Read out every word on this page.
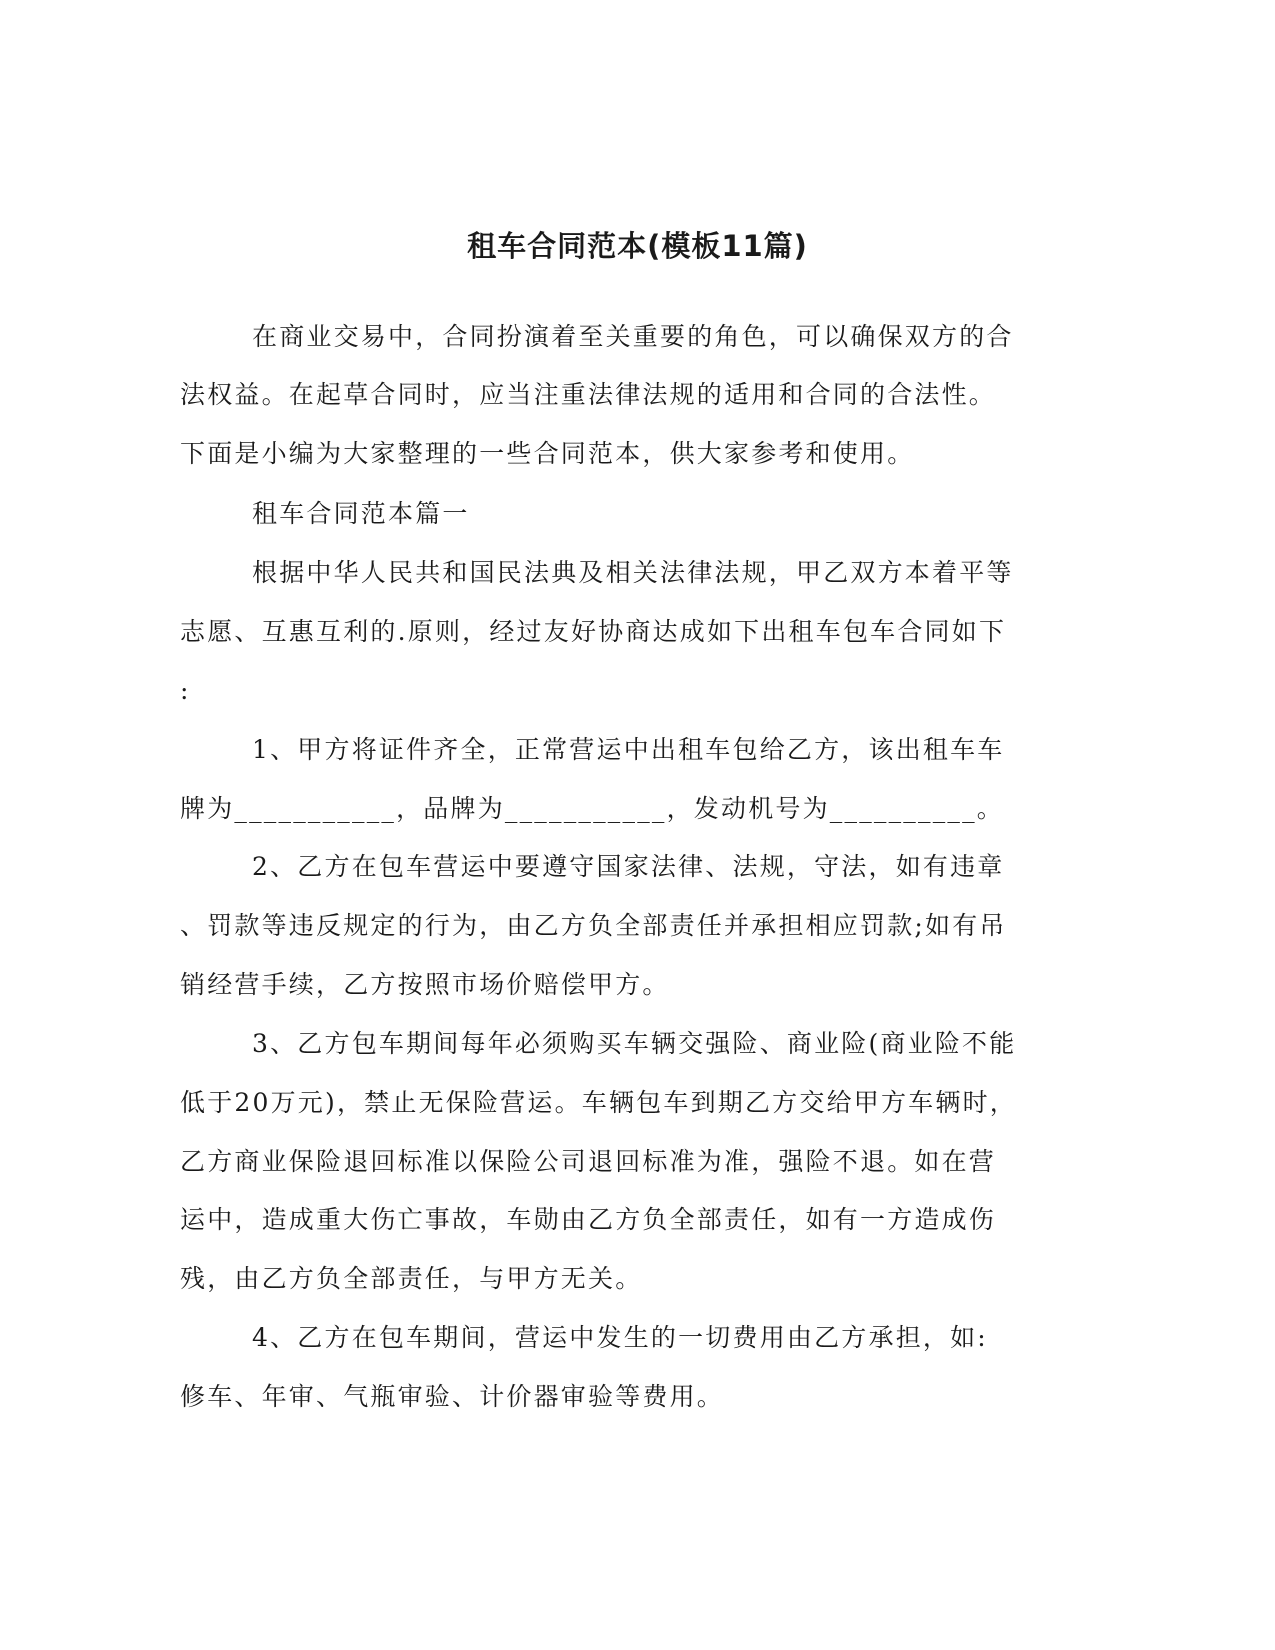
租车合同范本(模板11篇)

在商业交易中，合同扮演着至关重要的角色，可以确保双方的合

法权益。在起草合同时，应当注重法律法规的适用和合同的合法性。

下面是小编为大家整理的一些合同范本，供大家参考和使用。

租车合同范本篇一

根据中华人民共和国民法典及相关法律法规，甲乙双方本着平等

志愿、互惠互利的.原则，经过友好协商达成如下出租车包车合同如下

:

1、甲方将证件齐全，正常营运中出租车包给乙方，该出租车车

牌为___________，品牌为___________，发动机号为__________。

2、乙方在包车营运中要遵守国家法律、法规，守法，如有违章

、罚款等违反规定的行为，由乙方负全部责任并承担相应罚款;如有吊

销经营手续，乙方按照市场价赔偿甲方。

3、乙方包车期间每年必须购买车辆交强险、商业险(商业险不能

低于20万元)，禁止无保险营运。车辆包车到期乙方交给甲方车辆时，

乙方商业保险退回标准以保险公司退回标准为准，强险不退。如在营

运中，造成重大伤亡事故，车勋由乙方负全部责任，如有一方造成伤

残，由乙方负全部责任，与甲方无关。

4、乙方在包车期间，营运中发生的一切费用由乙方承担，如:

修车、年审、气瓶审验、计价器审验等费用。
